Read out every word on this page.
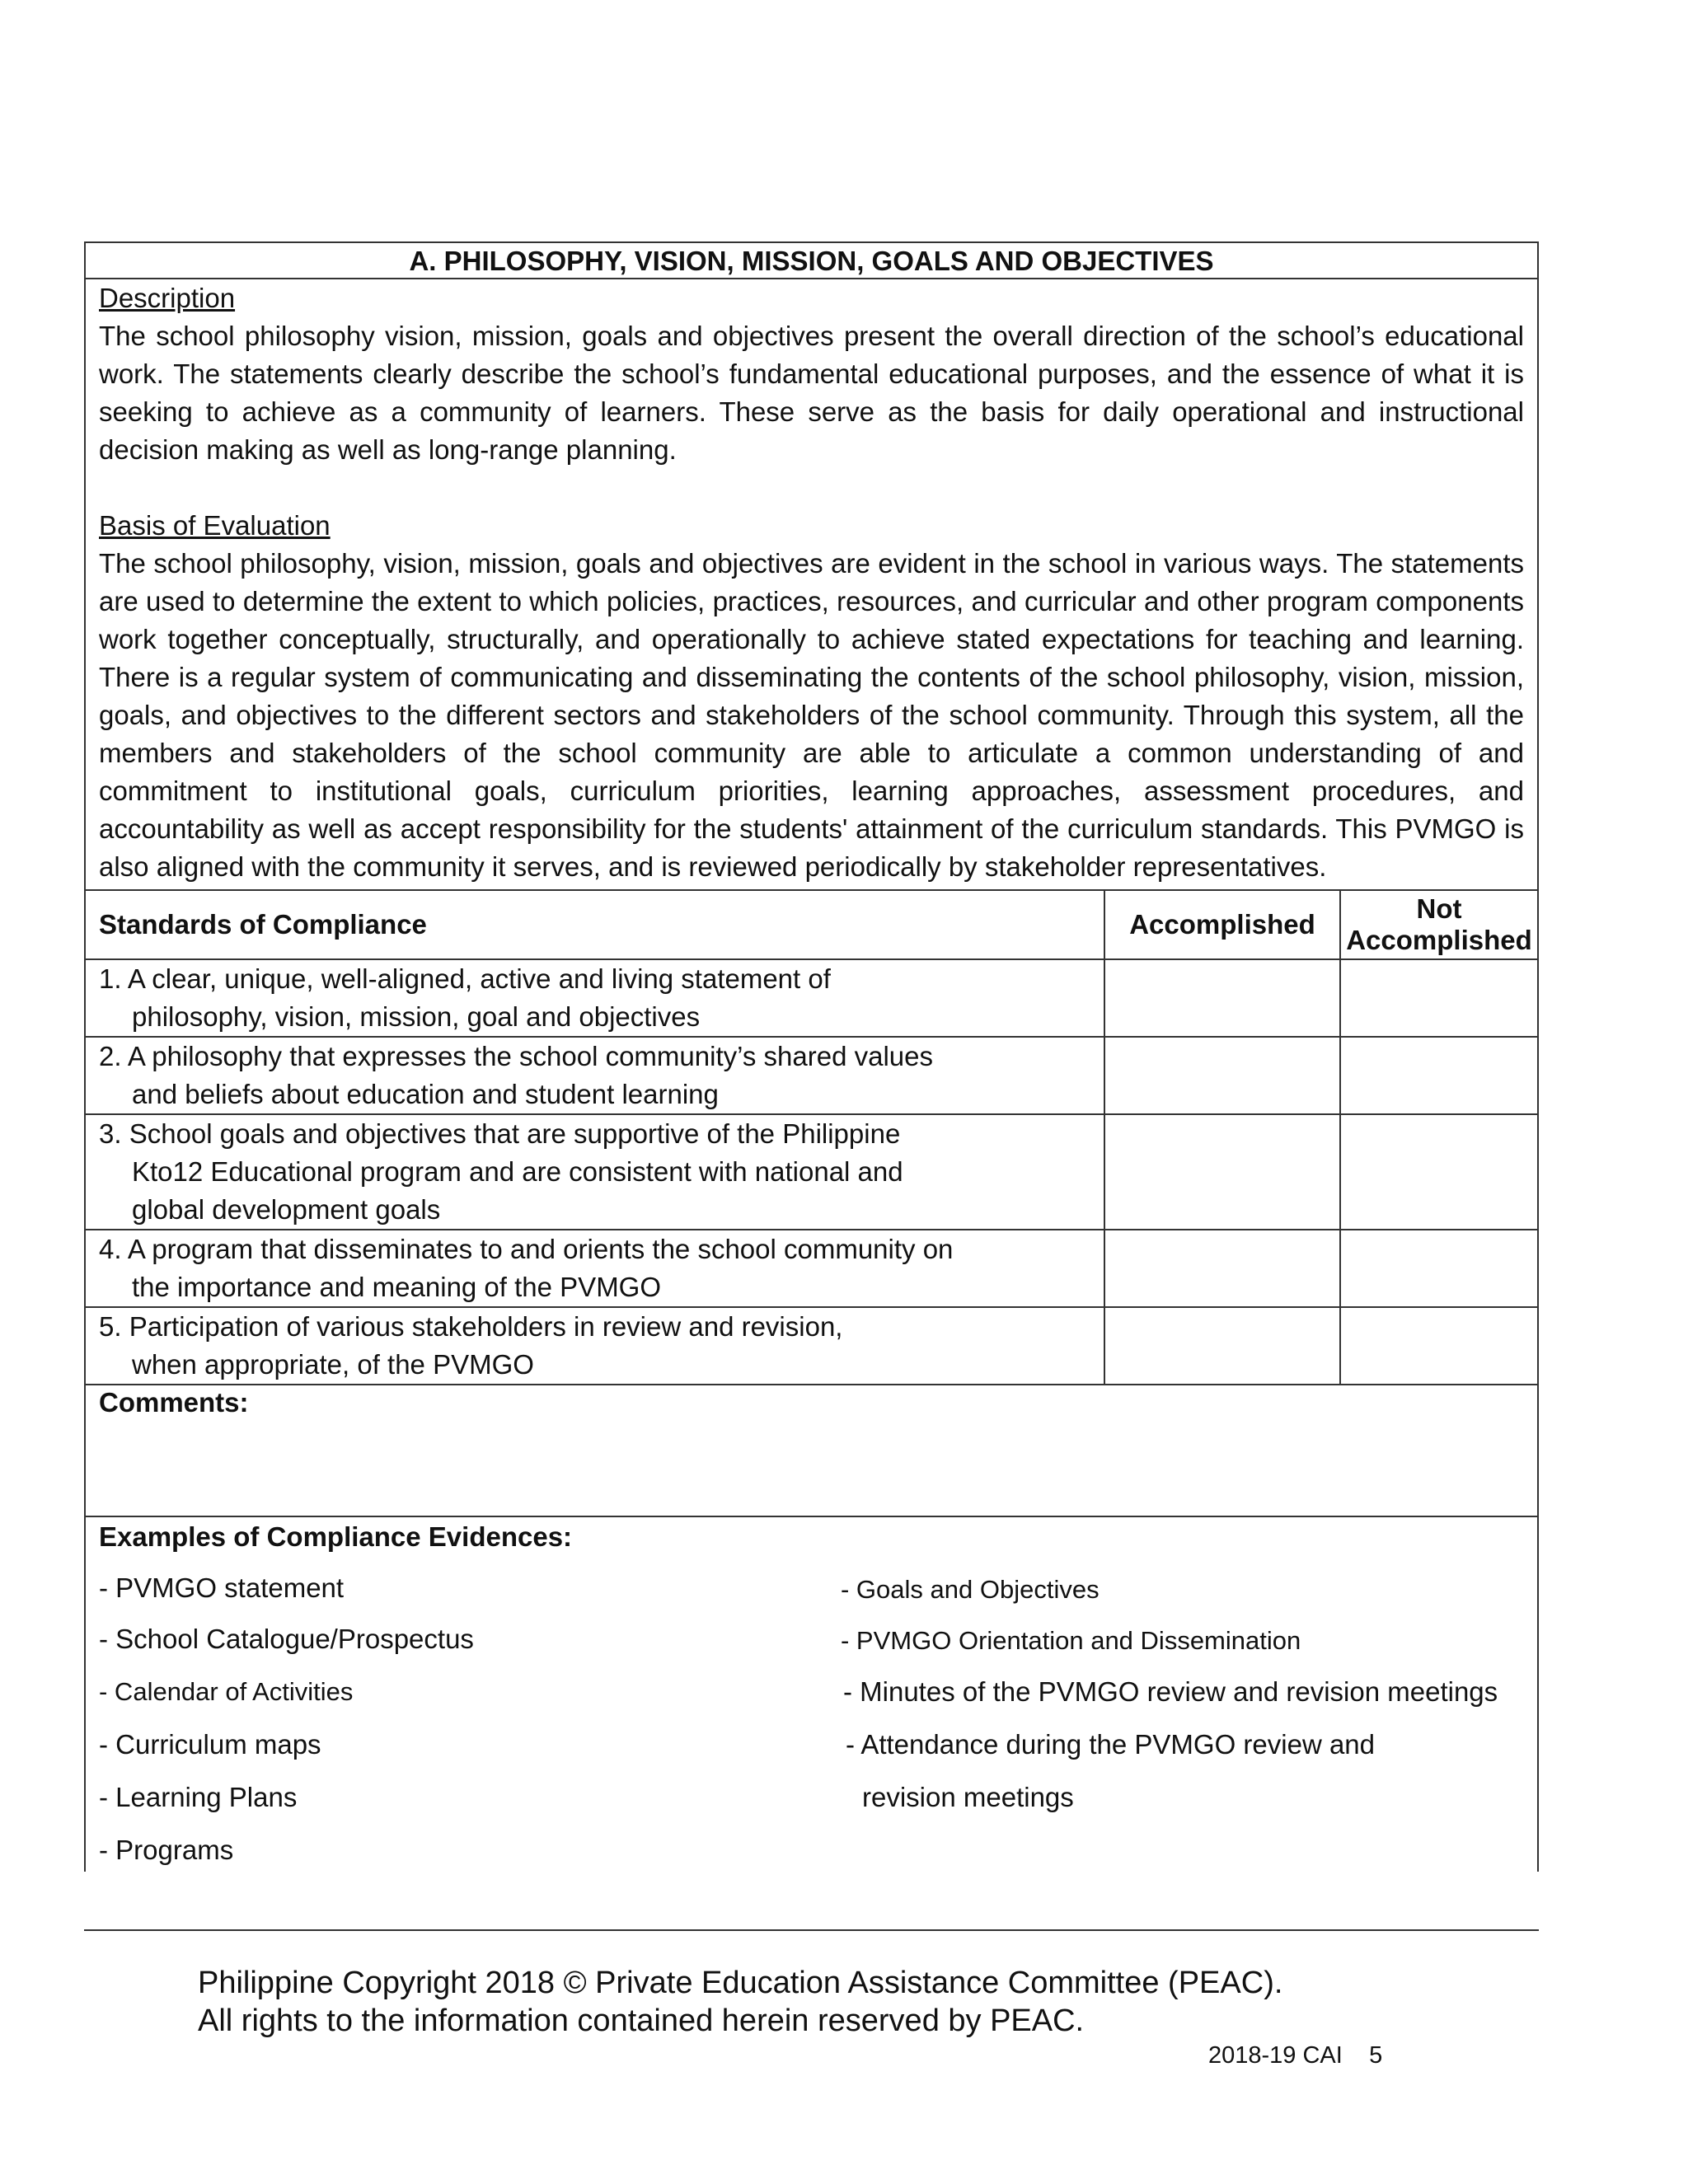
A. PHILOSOPHY, VISION, MISSION, GOALS AND OBJECTIVES
Description

The school philosophy vision, mission, goals and objectives present the overall direction of the school’s educational work. The statements clearly describe the school’s fundamental educational purposes, and the essence of what it is seeking to achieve as a community of learners. These serve as the basis for daily operational and instructional decision making as well as long-range planning.

Basis of Evaluation

The school philosophy, vision, mission, goals and objectives are evident in the school in various ways. The statements are used to determine the extent to which policies, practices, resources, and curricular and other program components work together conceptually, structurally, and operationally to achieve stated expectations for teaching and learning. There is a regular system of communicating and disseminating the contents of the school philosophy, vision, mission, goals, and objectives to the different sectors and stakeholders of the school community. Through this system, all the members and stakeholders of the school community are able to articulate a common understanding of and commitment to institutional goals, curriculum priorities, learning approaches, assessment procedures, and accountability as well as accept responsibility for the students' attainment of the curriculum standards. This PVMGO is also aligned with the community it serves, and is reviewed periodically by stakeholder representatives.

Standards of Compliance	Accomplished	Not
Accomplished

1. A clear, unique, well-aligned, active and living statement of
philosophy, vision, mission, goal and objectives		

2. A philosophy that expresses the school community’s shared values
and beliefs about education and student learning		

3. School goals and objectives that are supportive of the Philippine
Kto12 Educational program and are consistent with national and
global development goals		

4. A program that disseminates to and orients the school community on
the importance and meaning of the PVMGO		

5. Participation of various stakeholders in review and revision,
when appropriate, of the PVMGO		

Comments:
Examples of Compliance Evidences:
- PVMGO statement
- School Catalogue/Prospectus
- Calendar of Activities
- Curriculum maps
- Learning Plans
- Programs
- Goals and Objectives
- PVMGO Orientation and Dissemination
- Minutes of the PVMGO review and revision meetings
- Attendance during the PVMGO review and
revision meetings
Philippine Copyright 2018 © Private Education Assistance Committee (PEAC).
All rights to the information contained herein reserved by PEAC.
2018-19 CAI 5
